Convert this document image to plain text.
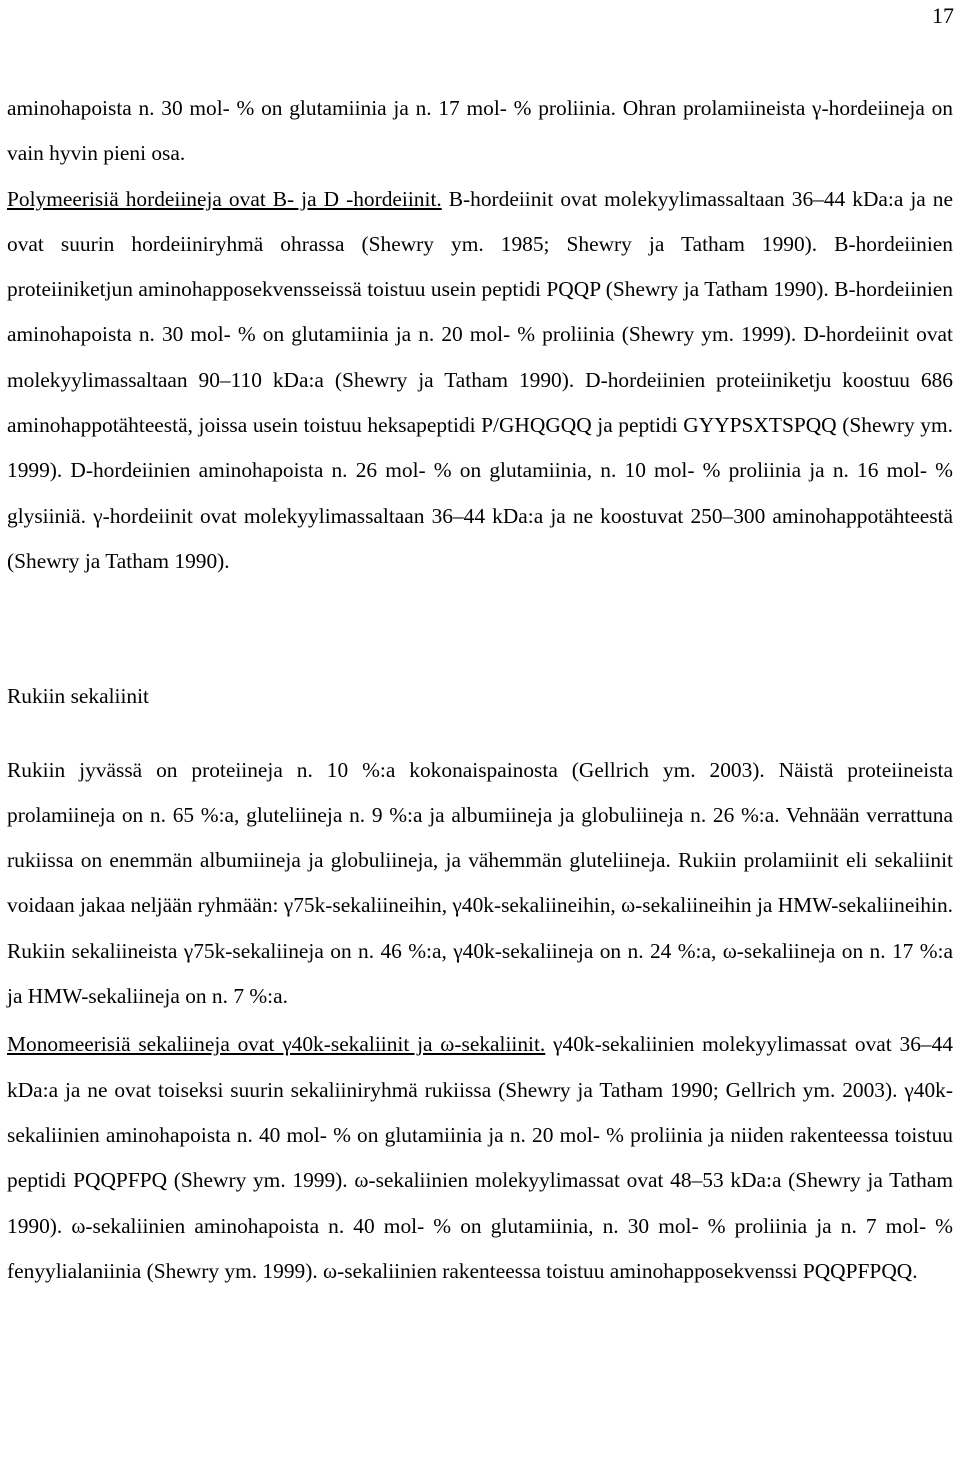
17

aminohapoista n. 30 mol- % on glutamiinia ja n. 17 mol- % proliinia. Ohran prolamiineista γ-hordeiineja on vain hyvin pieni osa.

Polymeerisiä hordeiineja ovat B- ja D -hordeiinit. B-hordeiinit ovat molekyylimassaltaan 36–44 kDa:a ja ne ovat suurin hordeiiniryhmä ohrassa (Shewry ym. 1985; Shewry ja Tatham 1990). B-hordeiinien proteiiniketjun aminohapposekvensseissä toistuu usein peptidi PQQP (Shewry ja Tatham 1990). B-hordeiinien aminohapoista n. 30 mol- % on glutamiinia ja n. 20 mol- % proliinia (Shewry ym. 1999). D-hordeiinit ovat molekyylimassaltaan 90–110 kDa:a (Shewry ja Tatham 1990). D-hordeiinien proteiiniketju koostuu 686 aminohappotähteestä, joissa usein toistuu heksapeptidi P/GHQGQQ ja peptidi GYYPSXTSPQQ (Shewry ym. 1999). D-hordeiinien aminohapoista n. 26 mol- % on glutamiinia, n. 10 mol- % proliinia ja n. 16 mol- % glysiiniä. γ-hordeiinit ovat molekyylimassaltaan 36–44 kDa:a ja ne koostuvat 250–300 aminohappotähteestä (Shewry ja Tatham 1990).

Rukiin sekaliinit

Rukiin jyvässä on proteiineja n. 10 %:a kokonaispainosta (Gellrich ym. 2003). Näistä proteiineista prolamiineja on n. 65 %:a, gluteliineja n. 9 %:a ja albumiineja ja globuliineja n. 26 %:a. Vehnään verrattuna rukiissa on enemmän albumiineja ja globuliineja, ja vähemmän gluteliineja. Rukiin prolamiinit eli sekaliinit voidaan jakaa neljään ryhmään: γ75k-sekaliineihin, γ40k-sekaliineihin, ω-sekaliineihin ja HMW-sekaliineihin. Rukiin sekaliineista γ75k-sekaliineja on n. 46 %:a, γ40k-sekaliineja on n. 24 %:a, ω-sekaliineja on n. 17 %:a ja HMW-sekaliineja on n. 7 %:a.

Monomeerisiä sekaliineja ovat γ40k-sekaliinit ja ω-sekaliinit. γ40k-sekaliinien molekyylimassat ovat 36–44 kDa:a ja ne ovat toiseksi suurin sekaliiniryhmä rukiissa (Shewry ja Tatham 1990; Gellrich ym. 2003). γ40k-sekaliinien aminohapoista n. 40 mol- % on glutamiinia ja n. 20 mol- % proliinia ja niiden rakenteessa toistuu peptidi PQQPFPQ (Shewry ym. 1999). ω-sekaliinien molekyylimassat ovat 48–53 kDa:a (Shewry ja Tatham 1990). ω-sekaliinien aminohapoista n. 40 mol- % on glutamiinia, n. 30 mol- % proliinia ja n. 7 mol- % fenyylialaniinia (Shewry ym. 1999). ω-sekaliinien rakenteessa toistuu aminohapposekvenssi PQQPFPQQ.
